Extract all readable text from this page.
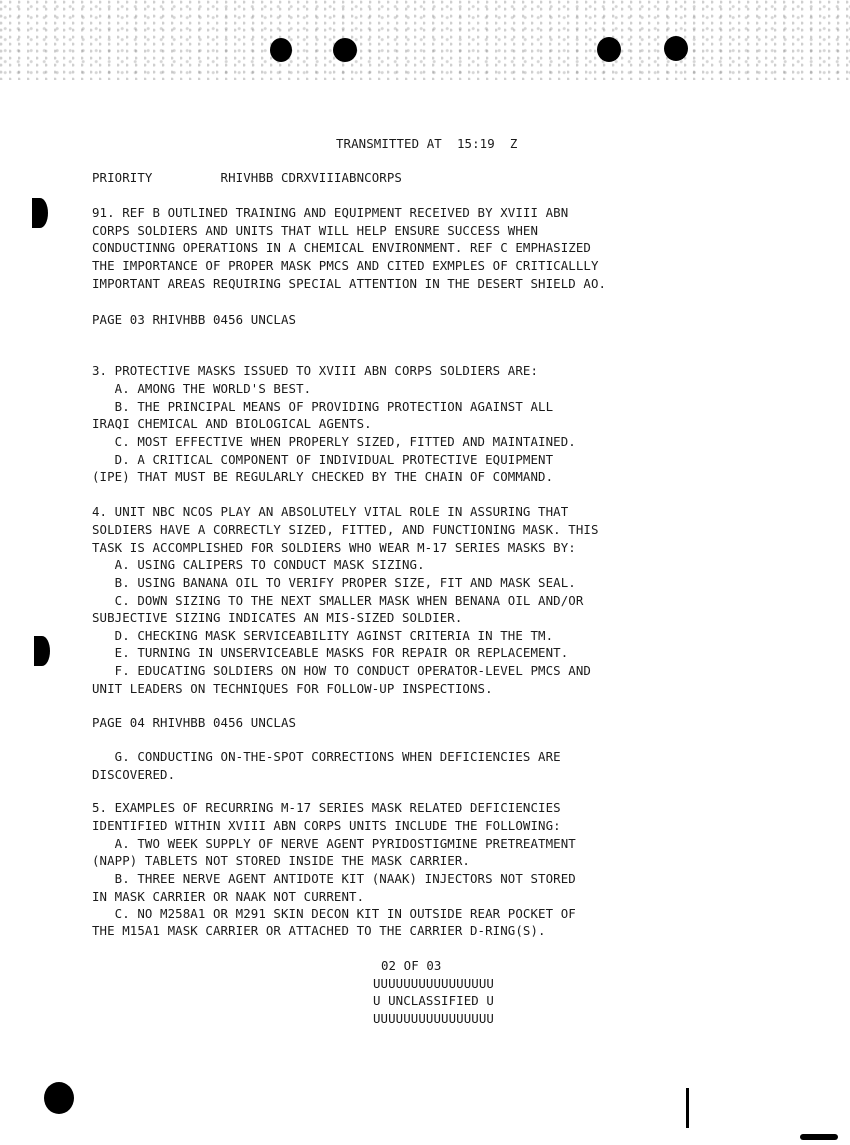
TRANSMITTED AT  15:19  Z
PRIORITY         RHIVHBB CDRXVIIIABNCORPS
91. REF B OUTLINED TRAINING AND EQUIPMENT RECEIVED BY XVIII ABN
CORPS SOLDIERS AND UNITS THAT WILL HELP ENSURE SUCCESS WHEN
CONDUCTINNG OPERATIONS IN A CHEMICAL ENVIRONMENT. REF C EMPHASIZED
THE IMPORTANCE OF PROPER MASK PMCS AND CITED EXMPLES OF CRITICALLLY
IMPORTANT AREAS REQUIRING SPECIAL ATTENTION IN THE DESERT SHIELD AO.
PAGE 03 RHIVHBB 0456 UNCLAS
3. PROTECTIVE MASKS ISSUED TO XVIII ABN CORPS SOLDIERS ARE:
A. AMONG THE WORLD'S BEST.
B. THE PRINCIPAL MEANS OF PROVIDING PROTECTION AGAINST ALL
IRAQI CHEMICAL AND BIOLOGICAL AGENTS.
C. MOST EFFECTIVE WHEN PROPERLY SIZED, FITTED AND MAINTAINED.
D. A CRITICAL COMPONENT OF INDIVIDUAL PROTECTIVE EQUIPMENT
(IPE) THAT MUST BE REGULARLY CHECKED BY THE CHAIN OF COMMAND.
4. UNIT NBC NCOS PLAY AN ABSOLUTELY VITAL ROLE IN ASSURING THAT
SOLDIERS HAVE A CORRECTLY SIZED, FITTED, AND FUNCTIONING MASK. THIS
TASK IS ACCOMPLISHED FOR SOLDIERS WHO WEAR M-17 SERIES MASKS BY:
A. USING CALIPERS TO CONDUCT MASK SIZING.
B. USING BANANA OIL TO VERIFY PROPER SIZE, FIT AND MASK SEAL.
C. DOWN SIZING TO THE NEXT SMALLER MASK WHEN BENANA OIL AND/OR
SUBJECTIVE SIZING INDICATES AN MIS-SIZED SOLDIER.
D. CHECKING MASK SERVICEABILITY AGINST CRITERIA IN THE TM.
E. TURNING IN UNSERVICEABLE MASKS FOR REPAIR OR REPLACEMENT.
F. EDUCATING SOLDIERS ON HOW TO CONDUCT OPERATOR-LEVEL PMCS AND
UNIT LEADERS ON TECHNIQUES FOR FOLLOW-UP INSPECTIONS.
PAGE 04 RHIVHBB 0456 UNCLAS
G. CONDUCTING ON-THE-SPOT CORRECTIONS WHEN DEFICIENCIES ARE
DISCOVERED.
5. EXAMPLES OF RECURRING M-17 SERIES MASK RELATED DEFICIENCIES
IDENTIFIED WITHIN XVIII ABN CORPS UNITS INCLUDE THE FOLLOWING:
A. TWO WEEK SUPPLY OF NERVE AGENT PYRIDOSTIGMINE PRETREATMENT
(NAPP) TABLETS NOT STORED INSIDE THE MASK CARRIER.
B. THREE NERVE AGENT ANTIDOTE KIT (NAAK) INJECTORS NOT STORED
IN MASK CARRIER OR NAAK NOT CURRENT.
C. NO M258A1 OR M291 SKIN DECON KIT IN OUTSIDE REAR POCKET OF
THE M15A1 MASK CARRIER OR ATTACHED TO THE CARRIER D-RING(S).
02 OF 03
UUUUUUUUUUUUUUUU
U UNCLASSIFIED U
UUUUUUUUUUUUUUUU
